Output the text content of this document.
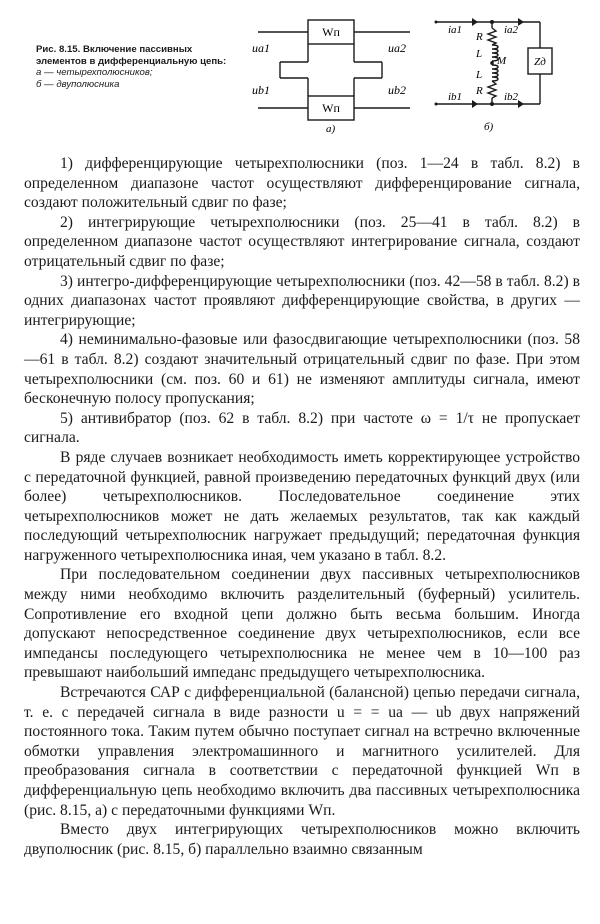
Рис. 8.15. Включение пассивных элементов в дифференциальную цепь:
а — четырехполюсников;
б — двуполюсника
Wп
Wп
ua1
ub1
ua2
ub2
а)
ia1	ia2
ib1	ib2
R
L
L
R
M	Zд
б)

1) дифференцирующие четырехполюсники (поз. 1—24 в табл. 8.2) в определенном диапазоне частот осуществляют дифференцирование сигнала, создают положительный сдвиг по фазе;

2) интегрирующие четырехполюсники (поз. 25—41 в табл. 8.2) в определенном диапазоне частот осуществляют интегрирование сигнала, создают отрицательный сдвиг по фазе;

3) интегро-дифференцирующие четырехполюсники (поз. 42—58 в табл. 8.2) в одних диапазонах частот проявляют дифференцирующие свойства, в других — интегрирующие;

4) неминимально-фазовые или фазосдвигающие четырехполюсники (поз. 58—61 в табл. 8.2) создают значительный отрицательный сдвиг по фазе. При этом четырехполюсники (см. поз. 60 и 61) не изменяют амплитуды сигнала, имеют бесконечную полосу пропускания;

5) антивибратор (поз. 62 в табл. 8.2) при частоте ω = 1/τ не пропускает сигнала.

В ряде случаев возникает необходимость иметь корректирующее устройство с передаточной функцией, равной произведению передаточных функций двух (или более) четырехполюсников. Последовательное соединение этих четырехполюсников может не дать желаемых результатов, так как каждый последующий четырехполюсник нагружает предыдущий; передаточная функция нагруженного четырехполюсника иная, чем указано в табл. 8.2.

При последовательном соединении двух пассивных четырехполюсников между ними необходимо включить разделительный (буферный) усилитель. Сопротивление его входной цепи должно быть весьма большим. Иногда допускают непосредственное соединение двух четырехполюсников, если все импедансы последующего четырехполюсника не менее чем в 10—100 раз превышают наибольший импеданс предыдущего четырехполюсника.

Встречаются САР с дифференциальной (балансной) цепью передачи сигнала, т. е. с передачей сигнала в виде разности u = = ua — ub двух напряжений постоянного тока. Таким путем обычно поступает сигнал на встречно включенные обмотки управления электромашинного и магнитного усилителей. Для преобразования сигнала в соответствии с передаточной функцией Wп в дифференциальную цепь необходимо включить два пассивных четырехполюсника (рис. 8.15, а) с передаточными функциями Wп.

Вместо двух интегрирующих четырехполюсников можно включить двуполюсник (рис. 8.15, б) параллельно взаимно связанным
